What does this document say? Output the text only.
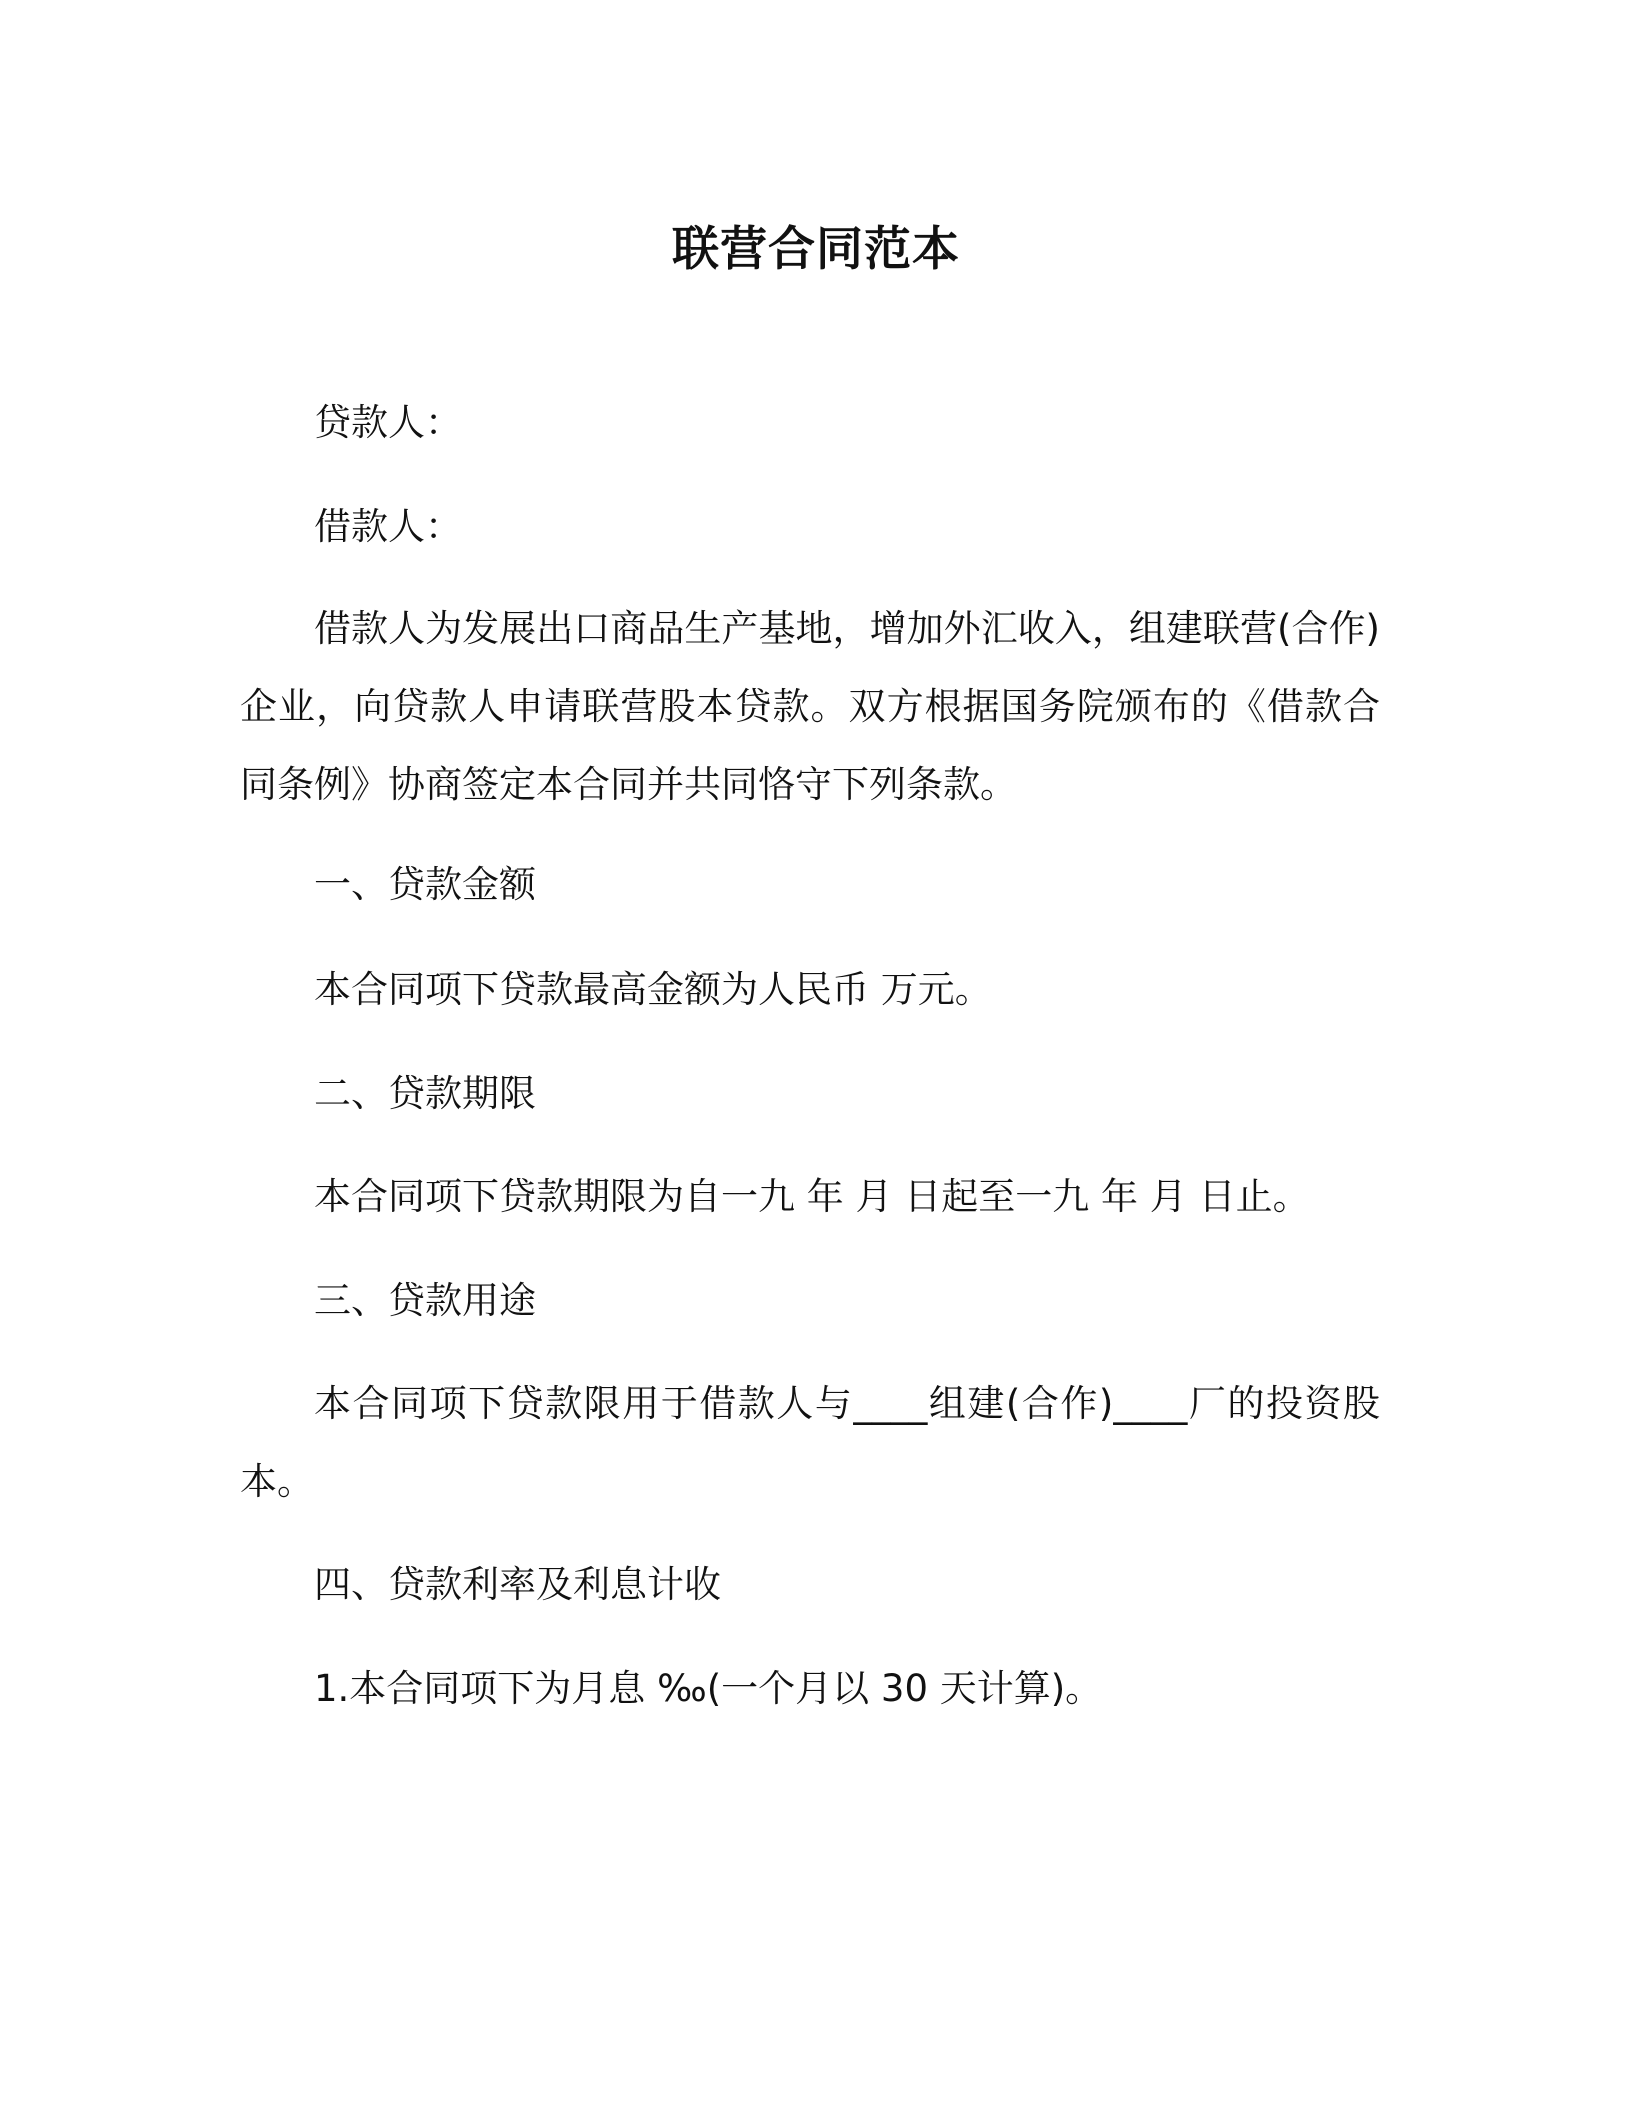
联营合同范本
贷款人：
借款人：
借款人为发展出口商品生产基地，增加外汇收入，组建联营(合作)企业，向贷款人申请联营股本贷款。双方根据国务院颁布的《借款合同条例》协商签定本合同并共同恪守下列条款。
一、贷款金额
本合同项下贷款最高金额为人民币 万元。
二、贷款期限
本合同项下贷款期限为自一九 年 月 日起至一九 年 月 日止。
三、贷款用途
本合同项下贷款限用于借款人与____组建(合作)____厂的投资股本。
四、贷款利率及利息计收
1.本合同项下为月息 ‰(一个月以 30 天计算)。
